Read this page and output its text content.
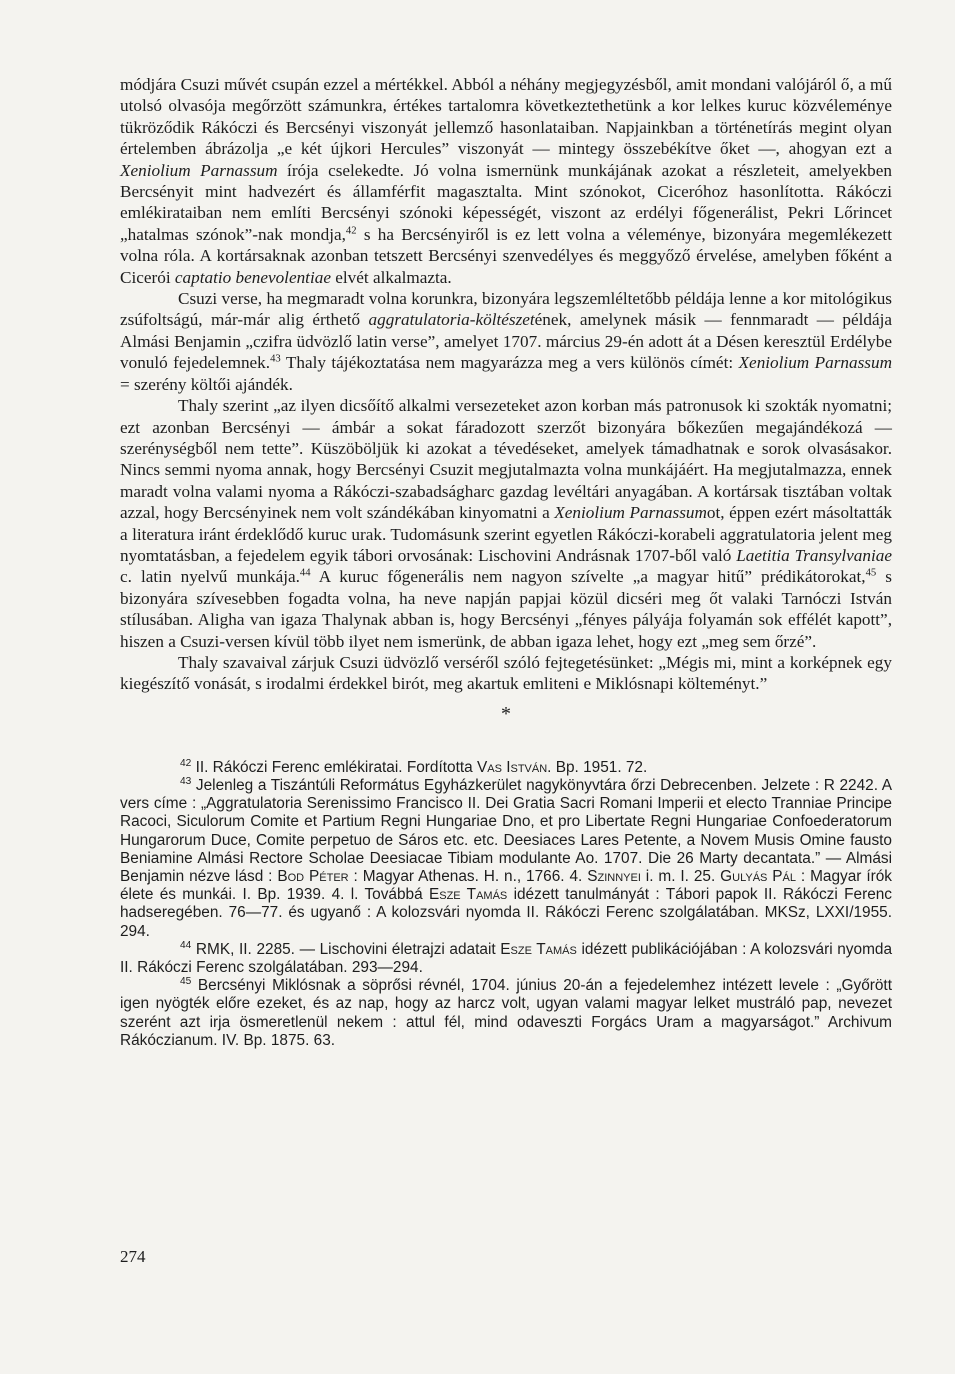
módjára Csuzi művét csupán ezzel a mértékkel. Abból a néhány megjegyzésből, amit mondani valójáról ő, a mű utolsó olvasója megőrzött számunkra, értékes tartalomra következtethetünk a kor lelkes kuruc közvéleménye tükröződik Rákóczi és Bercsényi viszonyát jellemző hasonlataiban. Napjainkban a történetírás megint olyan értelemben ábrázolja „e két újkori Hercules” viszonyát — mintegy összebékítve őket —, ahogyan ezt a Xeniolium Parnassum írója cselekedte. Jó volna ismernünk munkájának azokat a részleteit, amelyekben Bercsényit mint hadvezért és államférfit magasztalta. Mint szónokot, Ciceróhoz hasonlította. Rákóczi emlékirataiban nem említi Bercsényi szónoki képességét, viszont az erdélyi főgenerálist, Pekri Lőrincet „hatalmas szónok”-nak mondja,$^{42}$ s ha Bercsényiről is ez lett volna a véleménye, bizonyára megemlékezett volna róla. A kortársaknak azonban tetszett Bercsényi szenvedélyes és meggyőző érvelése, amelyben főként a Cicerói captatio benevolentiae elvét alkalmazta.

Csuzi verse, ha megmaradt volna korunkra, bizonyára legszemléltetőbb példája lenne a kor mitológikus zsúfoltságú, már-már alig érthető aggratulatoria-költészetének, amelynek másik — fennmaradt — példája Almási Benjamin „czifra üdvözlő latin verse”, amelyet 1707. március 29-én adott át a Désen keresztül Erdélybe vonuló fejedelemnek.$^{43}$ Thaly tájékoztatása nem magyarázza meg a vers különös címét: Xeniolium Parnassum = szerény költői ajándék.

Thaly szerint „az ilyen dicsőítő alkalmi versezeteket azon korban más patronusok ki szokták nyomatni; ezt azonban Bercsényi — ámbár a sokat fáradozott szerzőt bizonyára bőkezűen megajándékozá — szerénységből nem tette”. Küszöböljük ki azokat a tévedéseket, amelyek támadhatnak e sorok olvasásakor. Nincs semmi nyoma annak, hogy Bercsényi Csuzit megjutalmazta volna munkájáért. Ha megjutalmazza, ennek maradt volna valami nyoma a Rákóczi-szabadságharc gazdag levéltári anyagában. A kortársak tisztában voltak azzal, hogy Bercsényinek nem volt szándékában kinyomatni a Xeniolium Parnassumot, éppen ezért másoltatták a literatura iránt érdeklődő kuruc urak. Tudomásunk szerint egyetlen Rákóczi-korabeli aggratulatoria jelent meg nyomtatásban, a fejedelem egyik tábori orvosának: Lischovini Andrásnak 1707-ből való Laetitia Transylvaniae c. latin nyelvű munkája.$^{44}$ A kuruc főgenerális nem nagyon szívelte „a magyar hitű” prédikátorokat,$^{45}$ s bizonyára szívesebben fogadta volna, ha neve napján papjai közül dicséri meg őt valaki Tarnóczi István stílusában. Aligha van igaza Thalynak abban is, hogy Bercsényi „fényes pályája folyamán sok effélét kapott”, hiszen a Csuzi-versen kívül több ilyet nem ismerünk, de abban igaza lehet, hogy ezt „meg sem őrzé”.

Thaly szavaival zárjuk Csuzi üdvözlő verséről szóló fejtegetésünket: „Mégis mi, mint a korképnek egy kiegészítő vonását, s irodalmi érdekkel birót, meg akartuk emliteni e Miklósnapi költeményt.”

*

$^{42}$ II. Rákóczi Ferenc emlékiratai. Fordította Vas István. Bp. 1951. 72.

$^{43}$ Jelenleg a Tiszántúli Református Egyházkerület nagykönyvtára őrzi Debrecenben. Jelzete : R 2242. A vers címe : „Aggratulatoria Serenissimo Francisco II. Dei Gratia Sacri Romani Imperii et electo Tranniae Principe Racoci, Siculorum Comite et Partium Regni Hungariae Dno, et pro Libertate Regni Hungariae Confoederatorum Hungarorum Duce, Comite perpetuo de Sáros etc. etc. Deesiaces Lares Petente, a Novem Musis Omine fausto Beniamine Almási Rectore Scholae Deesiacae Tibiam modulante Ao. 1707. Die 26 Marty decantata.” — Almási Benjamin nézve lásd : Bod Péter : Magyar Athenas. H. n., 1766. 4. Szinnyei i. m. I. 25. Gulyás Pál : Magyar írók élete és munkái. I. Bp. 1939. 4. l. Továbbá Esze Tamás idézett tanulmányát : Tábori papok II. Rákóczi Ferenc hadseregében. 76—77. és ugyanő : A kolozsvári nyomda II. Rákóczi Ferenc szolgálatában. MKSz, LXXI/1955. 294.

$^{44}$ RMK, II. 2285. — Lischovini életrajzi adatait Esze Tamás idézett publikációjában : A kolozsvári nyomda II. Rákóczi Ferenc szolgálatában. 293—294.

$^{45}$ Bercsényi Miklósnak a söprősi révnél, 1704. június 20-án a fejedelemhez intézett levele : „Győrött igen nyögték előre ezeket, és az nap, hogy az harcz volt, ugyan valami magyar lelket mustráló pap, nevezet szerént azt irja ösmeretlenül nekem : attul fél, mind odaveszti Forgács Uram a magyarságot.” Archivum Rákóczianum. IV. Bp. 1875. 63.

274
